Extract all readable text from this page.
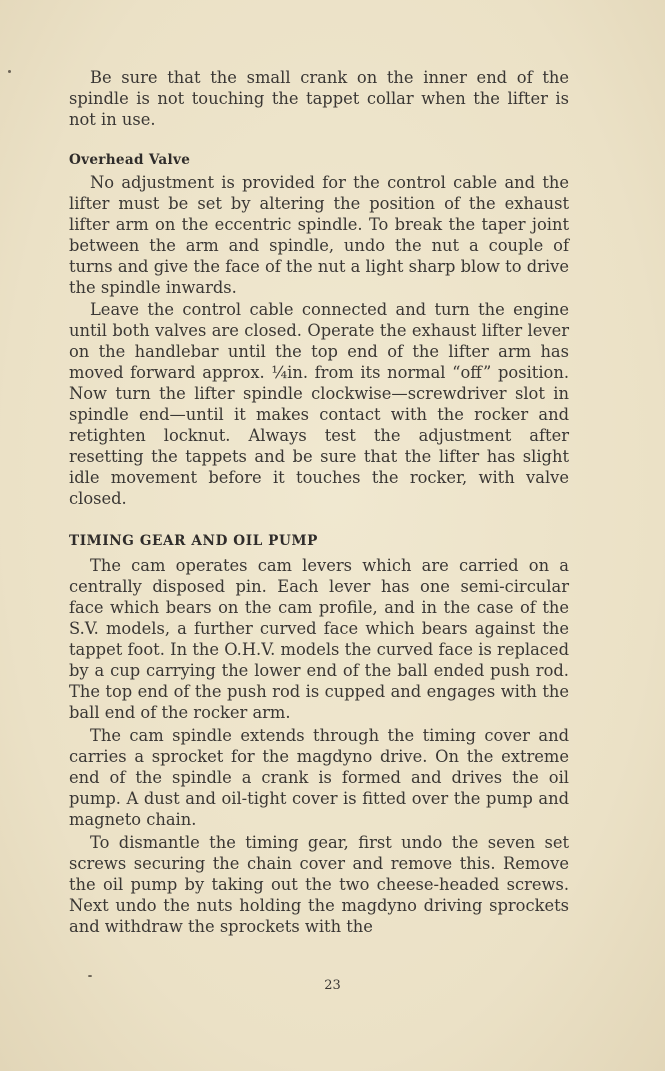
Be sure that the small crank on the inner end of the spindle is not touching the tappet collar when the lifter is not in use.

Overhead Valve

No adjustment is provided for the control cable and the lifter must be set by altering the position of the exhaust lifter arm on the eccentric spindle. To break the taper joint between the arm and spindle, undo the nut a couple of turns and give the face of the nut a light sharp blow to drive the spindle inwards.

Leave the control cable connected and turn the engine until both valves are closed. Operate the exhaust lifter lever on the handlebar until the top end of the lifter arm has moved forward approx. ¼in. from its normal “off” position. Now turn the lifter spindle clockwise—screwdriver slot in spindle end—until it makes contact with the rocker and retighten locknut. Always test the adjustment after resetting the tappets and be sure that the lifter has slight idle movement before it touches the rocker, with valve closed.

TIMING GEAR AND OIL PUMP

The cam operates cam levers which are carried on a centrally disposed pin. Each lever has one semi-circular face which bears on the cam profile, and in the case of the S.V. models, a further curved face which bears against the tappet foot. In the O.H.V. models the curved face is replaced by a cup carrying the lower end of the ball ended push rod. The top end of the push rod is cupped and engages with the ball end of the rocker arm.

The cam spindle extends through the timing cover and carries a sprocket for the magdyno drive. On the extreme end of the spindle a crank is formed and drives the oil pump. A dust and oil-tight cover is fitted over the pump and magneto chain.

To dismantle the timing gear, first undo the seven set screws securing the chain cover and remove this. Remove the oil pump by taking out the two cheese-headed screws. Next undo the nuts holding the magdyno driving sprockets and withdraw the sprockets with the

23
